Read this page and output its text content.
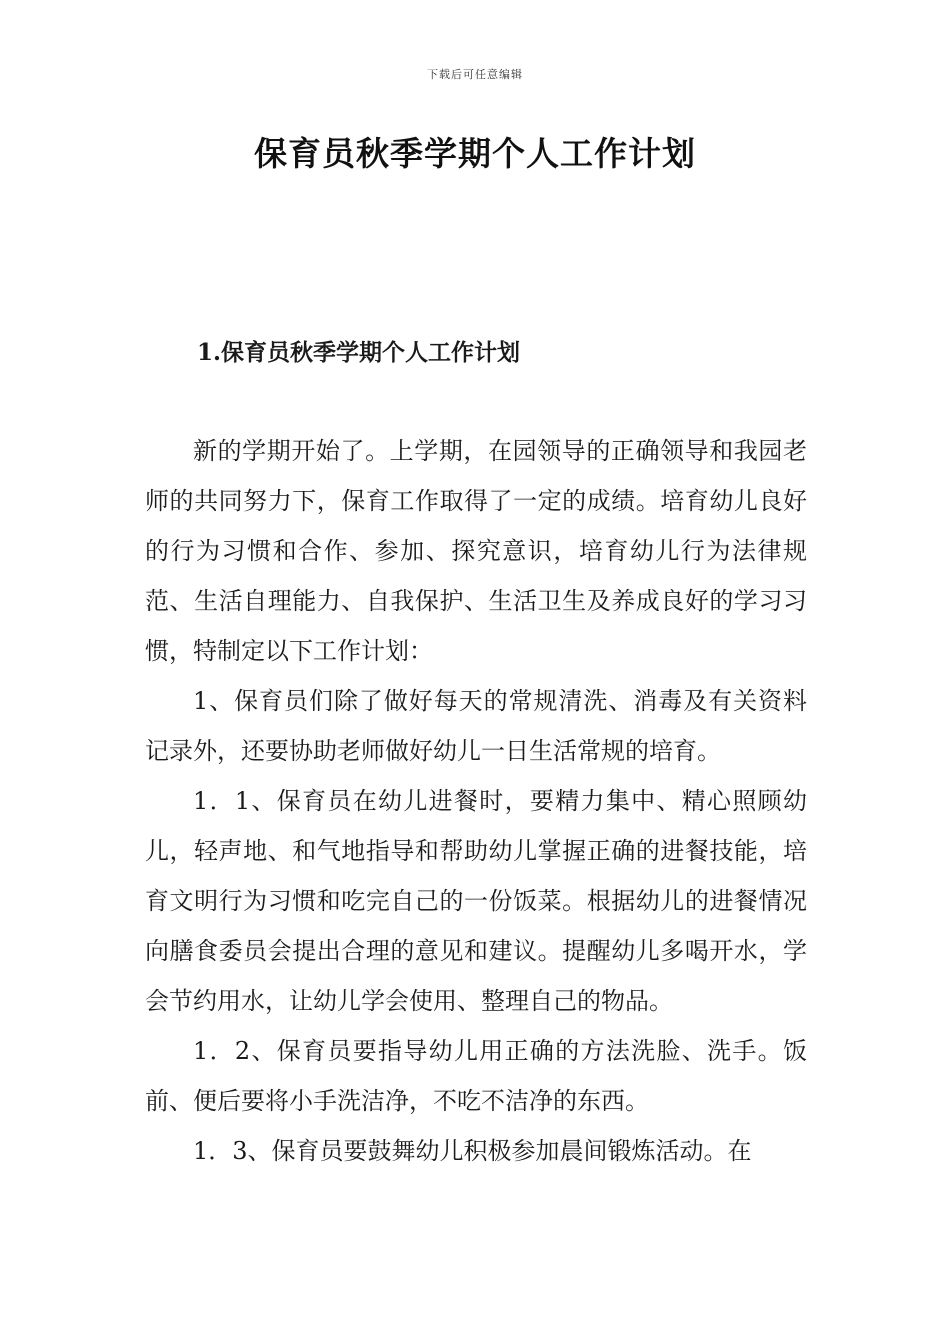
下载后可任意编辑
保育员秋季学期个人工作计划
1.保育员秋季学期个人工作计划

新的学期开始了。上学期，在园领导的正确领导和我园老师的共同努力下，保育工作取得了一定的成绩。培育幼儿良好的行为习惯和合作、参加、探究意识，培育幼儿行为法律规范、生活自理能力、自我保护、生活卫生及养成良好的学习习惯，特制定以下工作计划：

1、保育员们除了做好每天的常规清洗、消毒及有关资料记录外，还要协助老师做好幼儿一日生活常规的培育。

1．1、保育员在幼儿进餐时，要精力集中、精心照顾幼儿，轻声地、和气地指导和帮助幼儿掌握正确的进餐技能，培育文明行为习惯和吃完自己的一份饭菜。根据幼儿的进餐情况向膳食委员会提出合理的意见和建议。提醒幼儿多喝开水，学会节约用水，让幼儿学会使用、整理自己的物品。

1．2、保育员要指导幼儿用正确的方法洗脸、洗手。饭前、便后要将小手洗洁净，不吃不洁净的东西。

1．3、保育员要鼓舞幼儿积极参加晨间锻炼活动。在
